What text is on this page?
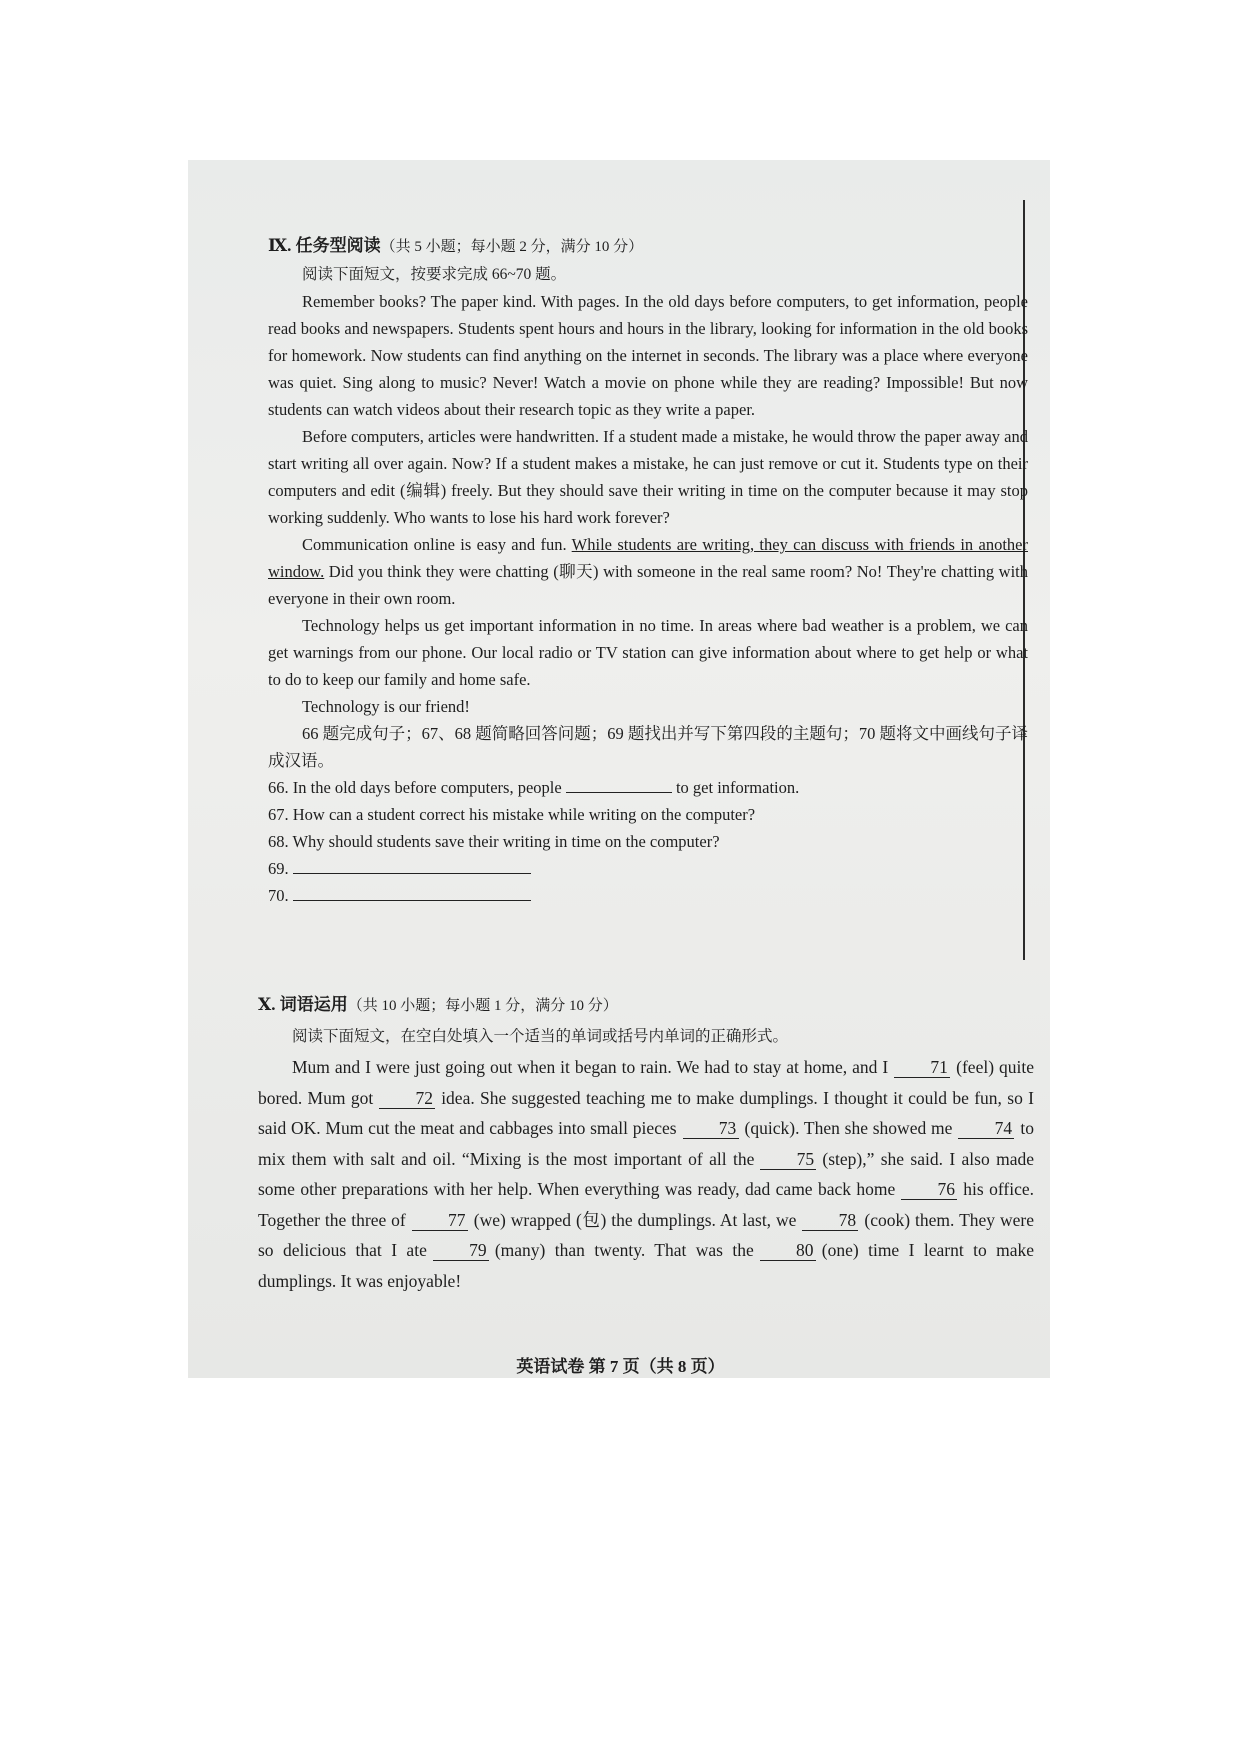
Ⅸ. 任务型阅读（共 5 小题；每小题 2 分，满分 10 分）
阅读下面短文，按要求完成 66~70 题。

Remember books? The paper kind. With pages. In the old days before computers, to get information, people read books and newspapers. Students spent hours and hours in the library, looking for information in the old books for homework. Now students can find anything on the internet in seconds. The library was a place where everyone was quiet. Sing along to music? Never! Watch a movie on phone while they are reading? Impossible! But now students can watch videos about their research topic as they write a paper.

Before computers, articles were handwritten. If a student made a mistake, he would throw the paper away and start writing all over again. Now? If a student makes a mistake, he can just remove or cut it. Students type on their computers and edit (编辑) freely. But they should save their writing in time on the computer because it may stop working suddenly. Who wants to lose his hard work forever?

Communication online is easy and fun. While students are writing, they can discuss with friends in another window. Did you think they were chatting (聊天) with someone in the real same room? No! They're chatting with everyone in their own room.

Technology helps us get important information in no time. In areas where bad weather is a problem, we can get warnings from our phone. Our local radio or TV station can give information about where to get help or what to do to keep our family and home safe.

Technology is our friend!

66 题完成句子；67、68 题简略回答问题；69 题找出并写下第四段的主题句；70 题将文中画线句子译成汉语。

66. In the old days before computers, people	to get information.

67. How can a student correct his mistake while writing on the computer?

68. Why should students save their writing in time on the computer?

69.

70.

Ⅹ. 词语运用（共 10 小题；每小题 1 分，满分 10 分）
阅读下面短文，在空白处填入一个适当的单词或括号内单词的正确形式。

Mum and I were just going out when it began to rain. We had to stay at home, and I 71 (feel) quite bored. Mum got 72 idea. She suggested teaching me to make dumplings. I thought it could be fun, so I said OK. Mum cut the meat and cabbages into small pieces 73 (quick). Then she showed me 74 to mix them with salt and oil. “Mixing is the most important of all the 75 (step),” she said. I also made some other preparations with her help. When everything was ready, dad came back home 76 his office. Together the three of 77 (we) wrapped (包) the dumplings. At last, we 78 (cook) them. They were so delicious that I ate 79 (many) than twenty. That was the 80 (one) time I learnt to make dumplings. It was enjoyable!

英语试卷 第 7 页（共 8 页）
